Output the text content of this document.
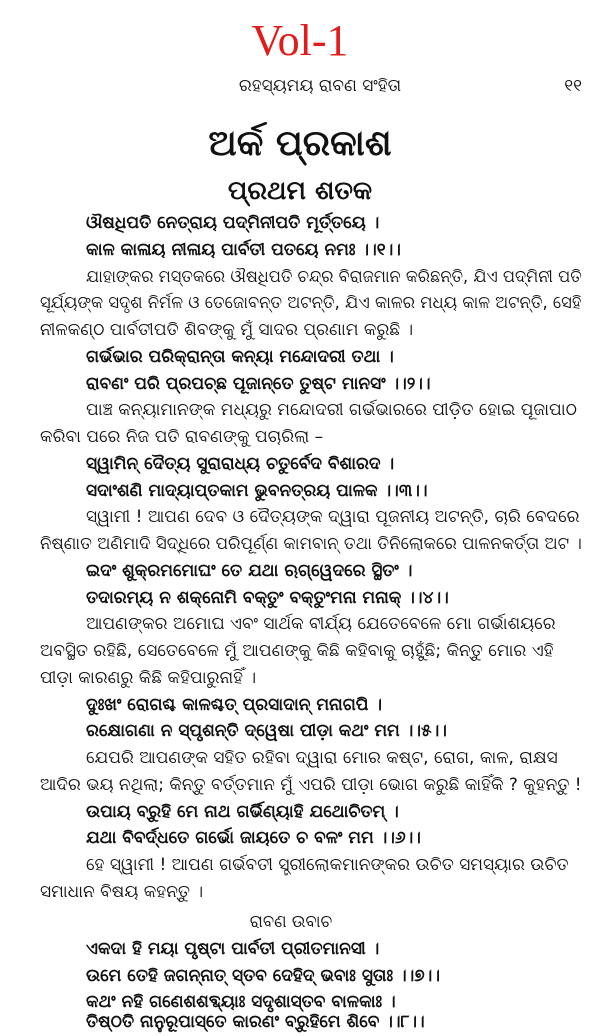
Vol-1
ରହସ୍ୟମୟ ରାବଣ ସଂହିତା	୧୧
ଅର୍କ ପ୍ରକାଶ
ପ୍ରଥମ ଶତକ
ଔଷଧିପତି ନେତ୍ରାୟ ପଦ୍ମିନୀପତି ମୂର୍ତ୍ତୟେ ।
କାଳ କାଳାୟ ନୀଳାୟ ପାର୍ବତୀ ପତୟେ ନମଃ ।।୧।।
ଯାହାଙ୍କର ମସ୍ତକରେ ଔଷଧିପତି ଚନ୍ଦ୍ର ବିରାଜମାନ କରିଛନ୍ତି, ଯିଏ ପଦ୍ମିନୀ ପତି
ସୂର୍ଯ୍ୟଙ୍କ ସଦୃଶ ନିର୍ମଳ ଓ ତେଜୋବନ୍ତ ଅଟନ୍ତି, ଯିଏ କାଳର ମଧ୍ୟ କାଳ ଅଟନ୍ତି, ସେହି
ନୀଳକଣ୍ଠ ପାର୍ବତୀପତି ଶିବଙ୍କୁ ମୁଁ ସାଦର ପ୍ରଣାମ କରୁଛି ।
ଗର୍ଭଭାର ପରିକ୍ରାନ୍ତା କନ୍ୟା ମନ୍ଦୋଦରୀ ତଥା ।
ରାବଣଂ ପରି ପ୍ରପଚ୍ଛ ପୂଜାନ୍ତେ ତୁଷ୍ଟ ମାନସଂ ।।୨।।
ପାଞ୍ଚ କନ୍ୟାମାନଙ୍କ ମଧ୍ୟରୁ ମନ୍ଦୋଦରୀ ଗର୍ଭଭାରରେ ପୀଡ଼ିତ ହୋଇ ପୂଜାପାଠ
କରିବା ପରେ ନିଜ ପତି ରାବଣଙ୍କୁ ପଚାରିଲା –
ସ୍ୱାମିନ୍ ଦୈତ୍ୟ ସୁରାରାଧ୍ୟ ଚତୁର୍ବେଦ ବିଶାରଦ ।
ସଦାଂଶଣି ମାଦ୍ୟାପ୍ତକାମ ଭୁବନତ୍ରୟ ପାଳକ ।।୩।।
ସ୍ୱାମୀ ! ଆପଣ ଦେବ ଓ ଦୈତ୍ୟଙ୍କ ଦ୍ୱାରା ପୂଜନୀୟ ଅଟନ୍ତି, ଚାରି ବେଦରେ
ନିଷ୍ଣାତ ଅଣିମାଦି ସିଦ୍ଧିରେ ପରିପୂର୍ଣ୍ଣ କାମବାନ୍ ତଥା ତିନିଲୋକରେ ପାଳନକର୍ତ୍ତା ଅଟ ।
ଇଦଂ ଶୁକ୍ରମମୋଘଂ ତେ ଯଥା ଋଗ୍ୱେଦରେ ସ୍ଥିତଂ ।
ତଦାରମ୍ୟ ନ ଶକ୍ନୋମି ବକ୍ତୁଂ ବକ୍ତୁଂମନା ମନାକ୍ ।।୪।।
ଆପଣଙ୍କର ଅମୋଘ ଏବଂ ସାର୍ଥକ ବୀର୍ଯ୍ୟ ଯେତେବେଳେ ମୋ ଗର୍ଭାଶୟରେ
ଅବସ୍ଥିତ ରହିଛି, ସେତେବେଳେ ମୁଁ ଆପଣଙ୍କୁ କିଛି କହିବାକୁ ଚାହୁଁଛି; କିନ୍ତୁ ମୋର ଏହି
ପୀଡ଼ା କାରଣରୁ କିଛି କହିପାରୁନାହିଁ ।
ଦୁଃଖଂ ରୋଗଶ୍ଚ କାଳଶ୍ଚତ୍ ପ୍ରସାଦାନ୍ ମନାଗପି ।
ରକ୍ଷୋଗଣା ନ ସ୍ପୃଶନ୍ତି ଦ୍ୱେଷା ପୀଡ଼ା କଥଂ ମମ ।।୫।।
ଯେପରି ଆପଣଙ୍କ ସହିତ ରହିବା ଦ୍ୱାରା ମୋର କଷ୍ଟ, ରୋଗ, କାଳ, ରାକ୍ଷସ
ଆଦିର ଭୟ ନଥିଲା; କିନ୍ତୁ ବର୍ତ୍ତମାନ ମୁଁ ଏପରି ପୀଡ଼ା ଭୋଗ କରୁଛି କାହିଁକି ? କୁହନ୍ତୁ !
ଉପାୟ ବ୍ରୁହି ମେ ନାଥ ଗର୍ଭିଣ୍ୟାହି ଯଥୋଚିତମ୍ ।
ଯଥା ବିବର୍ଦ୍ଧତେ ଗର୍ଭୋ ଜାୟତେ ଚ ବଳଂ ମମ ।।୬।।
ହେ ସ୍ୱାମୀ ! ଆପଣ ଗର୍ଭବତୀ ସ୍ତ୍ରୀଲୋକମାନଙ୍କର ଉଚିତ ସମସ୍ୟାର ଉଚିତ
ସମାଧାନ ବିଷୟ କହନ୍ତୁ ।
ରାବଣ ଉବାଚ
ଏକଦା ହି ମୟା ପୃଷ୍ଟା ପାର୍ବତୀ ପ୍ରୀତମାନସୀ ।
ଉମେ ତେହି ଜଗନ୍ନାତ୍ ସ୍ତବ ଦେହିଦ୍ ଭବାଃ ସୁତାଃ ।।୭।।
କଥଂ ନହି ଗଣେଶଶବ୍ଦ୍ୟାଃ ସଦୃଶାସ୍ତବ ବାଳକାଃ ।
ତିଷ୍ଠତି ନାନୁରୂପାସ୍ତେ କାରଣଂ ବ୍ରୁହିମେ ଶିବେ ।।୮।।
